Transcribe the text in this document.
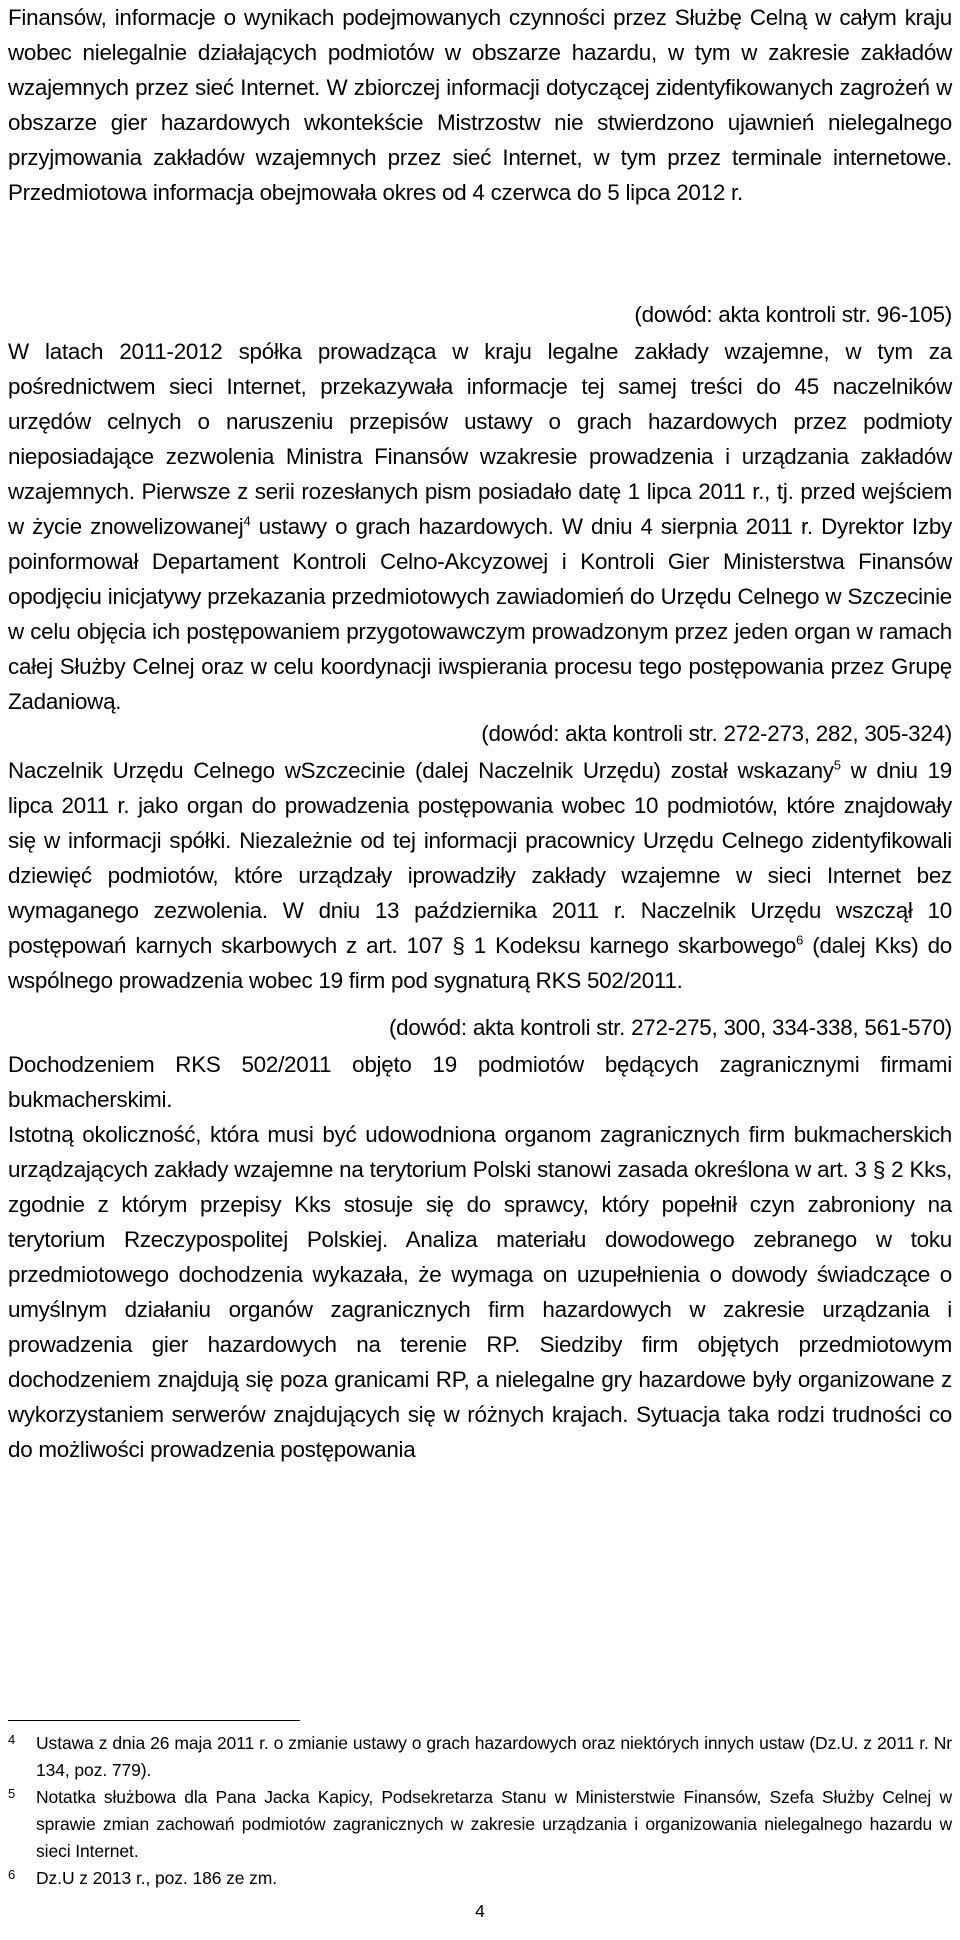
Finansów, informacje o wynikach podejmowanych czynności przez Służbę Celną w całym kraju wobec nielegalnie działających podmiotów w obszarze hazardu, w tym w zakresie zakładów wzajemnych przez sieć Internet. W zbiorczej informacji dotyczącej zidentyfikowanych zagrożeń w obszarze gier hazardowych wkontekście Mistrzostw nie stwierdzono ujawnień nielegalnego przyjmowania zakładów wzajemnych przez sieć Internet, w tym przez terminale internetowe. Przedmiotowa informacja obejmowała okres od 4 czerwca do 5 lipca 2012 r.

(dowód: akta kontroli str. 96-105)

W latach 2011-2012 spółka prowadząca w kraju legalne zakłady wzajemne, w tym za pośrednictwem sieci Internet, przekazywała informacje tej samej treści do 45 naczelników urzędów celnych o naruszeniu przepisów ustawy o grach hazardowych przez podmioty nieposiadające zezwolenia Ministra Finansów wzakresie prowadzenia i urządzania zakładów wzajemnych. Pierwsze z serii rozesłanych pism posiadało datę 1 lipca 2011 r., tj. przed wejściem w życie znowelizowanej$^4$ ustawy o grach hazardowych. W dniu 4 sierpnia 2011 r. Dyrektor Izby poinformował Departament Kontroli Celno-Akcyzowej i Kontroli Gier Ministerstwa Finansów opodjęciu inicjatywy przekazania przedmiotowych zawiadomień do Urzędu Celnego w Szczecinie w celu objęcia ich postępowaniem przygotowawczym prowadzonym przez jeden organ w ramach całej Służby Celnej oraz w celu koordynacji iwspierania procesu tego postępowania przez Grupę Zadaniową.

(dowód: akta kontroli str. 272-273, 282, 305-324)

Naczelnik Urzędu Celnego wSzczecinie (dalej Naczelnik Urzędu) został wskazany$^5$ w dniu 19 lipca 2011 r. jako organ do prowadzenia postępowania wobec 10 podmiotów, które znajdowały się w informacji spółki. Niezależnie od tej informacji pracownicy Urzędu Celnego zidentyfikowali dziewięć podmiotów, które urządzały iprowadziły zakłady wzajemne w sieci Internet bez wymaganego zezwolenia. W dniu 13 października 2011 r. Naczelnik Urzędu wszczął 10 postępowań karnych skarbowych z art. 107 § 1 Kodeksu karnego skarbowego$^6$ (dalej Kks) do wspólnego prowadzenia wobec 19 firm pod sygnaturą RKS 502/2011.

(dowód: akta kontroli str. 272-275, 300, 334-338, 561-570)

Dochodzeniem RKS 502/2011 objęto 19 podmiotów będących zagranicznymi firmami bukmacherskimi.

Istotną okoliczność, która musi być udowodniona organom zagranicznych firm bukmacherskich urządzających zakłady wzajemne na terytorium Polski stanowi zasada określona w art. 3 § 2 Kks, zgodnie z którym przepisy Kks stosuje się do sprawcy, który popełnił czyn zabroniony na terytorium Rzeczypospolitej Polskiej. Analiza materiału dowodowego zebranego w toku przedmiotowego dochodzenia wykazała, że wymaga on uzupełnienia o dowody świadczące o umyślnym działaniu organów zagranicznych firm hazardowych w zakresie urządzania i prowadzenia gier hazardowych na terenie RP. Siedziby firm objętych przedmiotowym dochodzeniem znajdują się poza granicami RP, a nielegalne gry hazardowe były organizowane z wykorzystaniem serwerów znajdujących się w różnych krajach. Sytuacja taka rodzi trudności co do możliwości prowadzenia postępowania

4 Ustawa z dnia 26 maja 2011 r. o zmianie ustawy o grach hazardowych oraz niektórych innych ustaw (Dz.U. z 2011 r. Nr 134, poz. 779).

5 Notatka służbowa dla Pana Jacka Kapicy, Podsekretarza Stanu w Ministerstwie Finansów, Szefa Służby Celnej w sprawie zmian zachowań podmiotów zagranicznych w zakresie urządzania i organizowania nielegalnego hazardu w sieci Internet.

6 Dz.U z 2013 r., poz. 186 ze zm.

4
